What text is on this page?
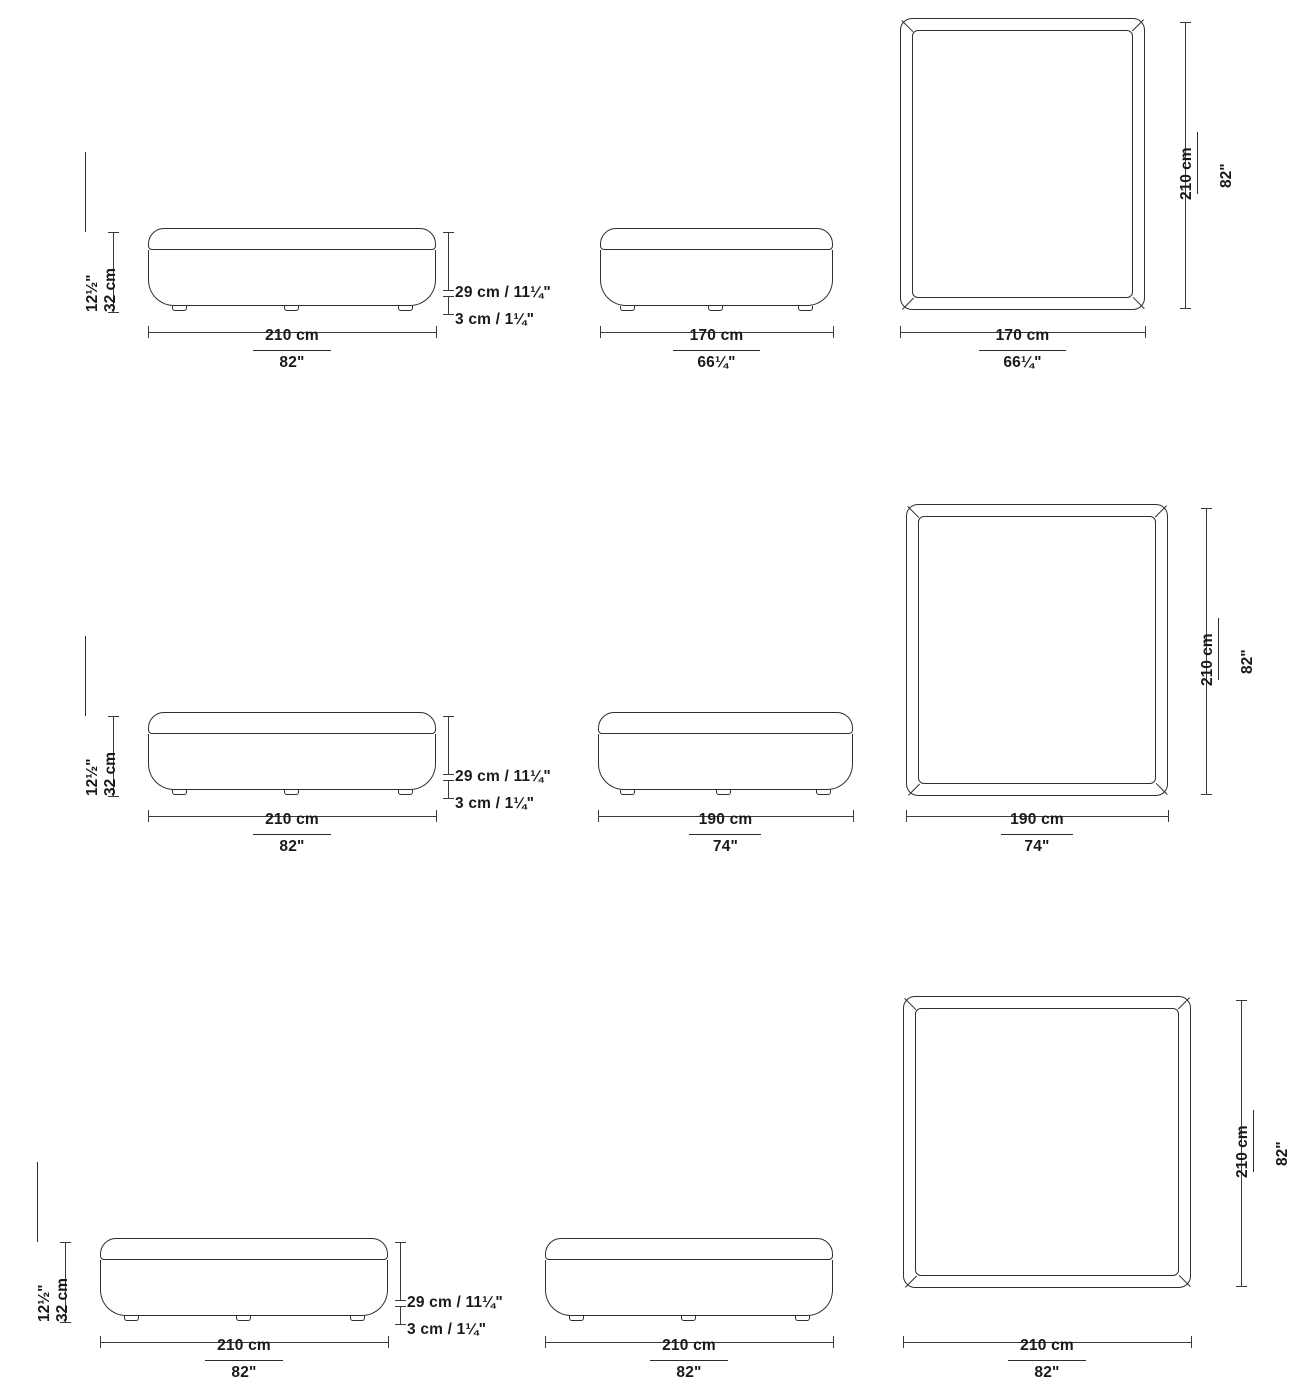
32 cm
12½"
210 cm
82"
29 cm / 11¼"
3 cm / 1¼"
170 cm
66¼"
210 cm 82"
170 cm
66¼"
32 cm
12½"
210 cm
82"
29 cm / 11¼"
3 cm / 1¼"
190 cm
74"
210 cm 82"
190 cm
74"
32 cm
12½"
210 cm
82"
29 cm / 11¼"
3 cm / 1¼"
210 cm
82"
210 cm 82"
210 cm
82"
